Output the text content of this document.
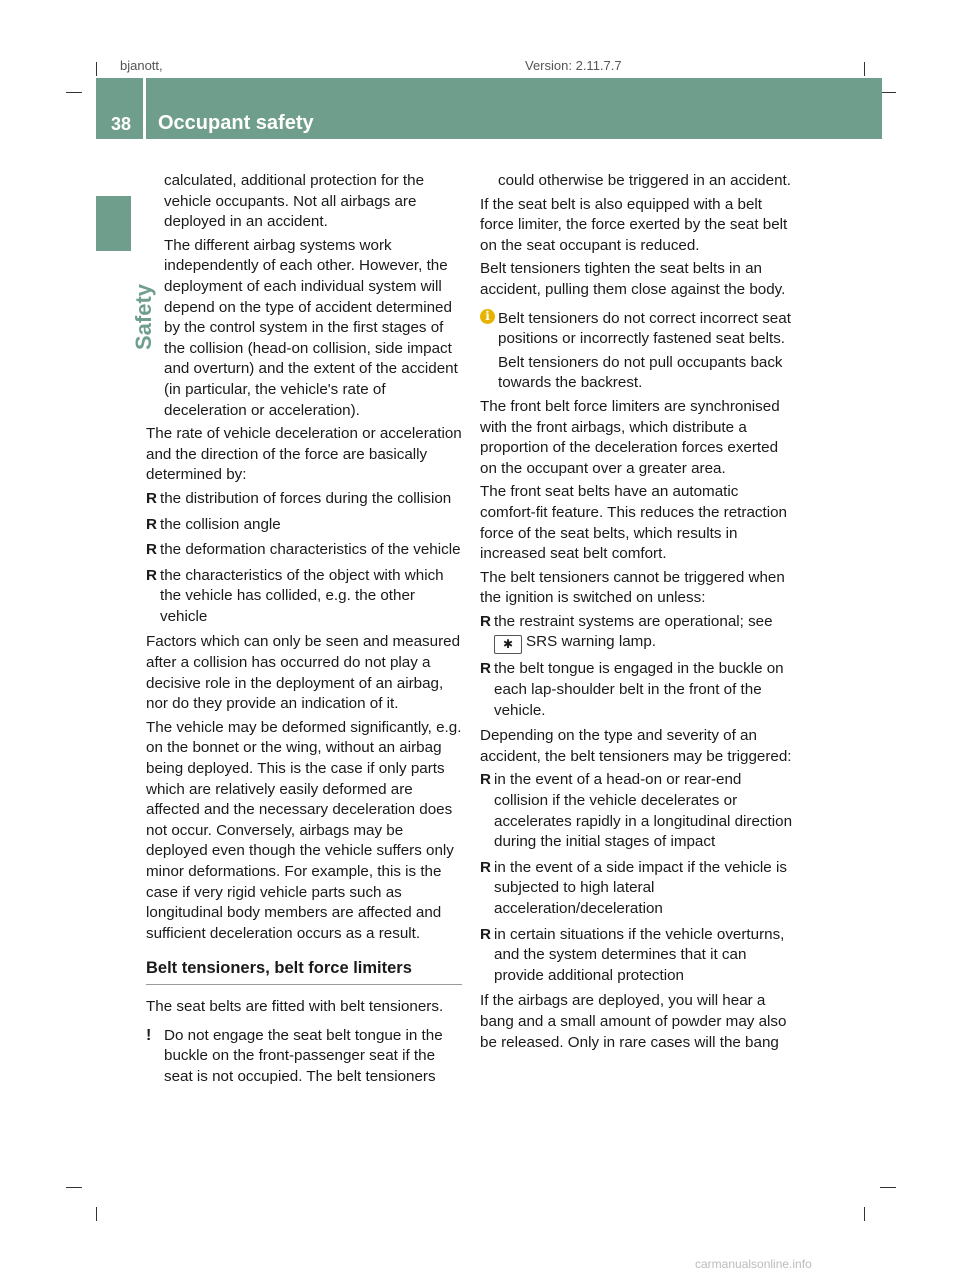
bjanott,	Version: 2.11.7.7
38 Occupant safety
Safety

calculated, additional protection for the vehicle occupants. Not all airbags are deployed in an accident.

The different airbag systems work independently of each other. However, the deployment of each individual system will depend on the type of accident determined by the control system in the first stages of the collision (head-on collision, side impact and overturn) and the extent of the accident (in particular, the vehicle's rate of deceleration or acceleration).

The rate of vehicle deceleration or acceleration and the direction of the force are basically determined by:

R the distribution of forces during the collision

R the collision angle

R the deformation characteristics of the vehicle

R the characteristics of the object with which the vehicle has collided, e.g. the other vehicle

Factors which can only be seen and measured after a collision has occurred do not play a decisive role in the deployment of an airbag, nor do they provide an indication of it.

The vehicle may be deformed significantly, e.g. on the bonnet or the wing, without an airbag being deployed. This is the case if only parts which are relatively easily deformed are affected and the necessary deceleration does not occur. Conversely, airbags may be deployed even though the vehicle suffers only minor deformations. For example, this is the case if very rigid vehicle parts such as longitudinal body members are affected and sufficient deceleration occurs as a result.

Belt tensioners, belt force limiters

The seat belts are fitted with belt tensioners.

! Do not engage the seat belt tongue in the buckle on the front-passenger seat if the seat is not occupied. The belt tensioners

could otherwise be triggered in an accident.

If the seat belt is also equipped with a belt force limiter, the force exerted by the seat belt on the seat occupant is reduced.

Belt tensioners tighten the seat belts in an accident, pulling them close against the body.

i Belt tensioners do not correct incorrect seat positions or incorrectly fastened seat belts.

Belt tensioners do not pull occupants back towards the backrest.

The front belt force limiters are synchronised with the front airbags, which distribute a proportion of the deceleration forces exerted on the occupant over a greater area.

The front seat belts have an automatic comfort-fit feature. This reduces the retraction force of the seat belts, which results in increased seat belt comfort.

The belt tensioners cannot be triggered when the ignition is switched on unless:

R the restraint systems are operational; see
✱ SRS warning lamp.

R the belt tongue is engaged in the buckle on each lap-shoulder belt in the front of the vehicle.

Depending on the type and severity of an accident, the belt tensioners may be triggered:

R in the event of a head-on or rear-end collision if the vehicle decelerates or accelerates rapidly in a longitudinal direction during the initial stages of impact

R in the event of a side impact if the vehicle is subjected to high lateral acceleration/deceleration

R in certain situations if the vehicle overturns, and the system determines that it can provide additional protection

If the airbags are deployed, you will hear a bang and a small amount of powder may also be released. Only in rare cases will the bang

carmanualsonline.info
